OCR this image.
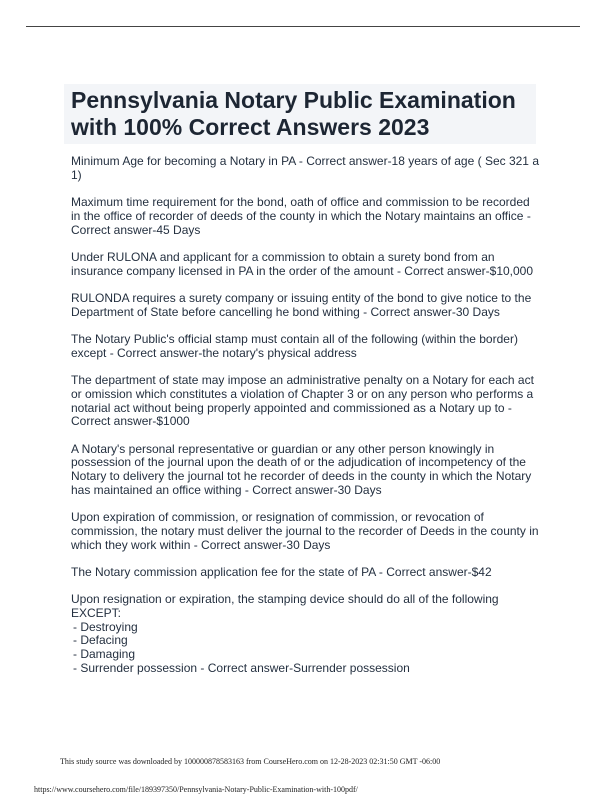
Pennsylvania Notary Public Examination with 100% Correct Answers 2023

Minimum Age for becoming a Notary in PA - Correct answer-18 years of age ( Sec 321 a 1)

Maximum time requirement for the bond, oath of office and commission to be recorded in the office of recorder of deeds of the county in which the Notary maintains an office - Correct answer-45 Days

Under RULONA and applicant for a commission to obtain a surety bond from an insurance company licensed in PA in the order of the amount - Correct answer-$10,000

RULONDA requires a surety company or issuing entity of the bond to give notice to the Department of State before cancelling he bond withing - Correct answer-30 Days

The Notary Public's official stamp must contain all of the following (within the border) except - Correct answer-the notary's physical address

The department of state may impose an administrative penalty on a Notary for each act or omission which constitutes a violation of Chapter 3 or on any person who performs a notarial act without being properly appointed and commissioned as a Notary up to - Correct answer-$1000

A Notary's personal representative or guardian or any other person knowingly in possession of the journal upon the death of or the adjudication of incompetency of the Notary to delivery the journal tot he recorder of deeds in the county in which the Notary has maintained an office withing - Correct answer-30 Days

Upon expiration of commission, or resignation of commission, or revocation of commission, the notary must deliver the journal to the recorder of Deeds in the county in which they work within - Correct answer-30 Days

The Notary commission application fee for the state of PA - Correct answer-$42

Upon resignation or expiration, the stamping device should do all of the following EXCEPT:
- Destroying
- Defacing
- Damaging
- Surrender possession - Correct answer-Surrender possession
This study source was downloaded by 100000878583163 from CourseHero.com on 12-28-2023 02:31:50 GMT -06:00
https://www.coursehero.com/file/189397350/Pennsylvania-Notary-Public-Examination-with-100pdf/
